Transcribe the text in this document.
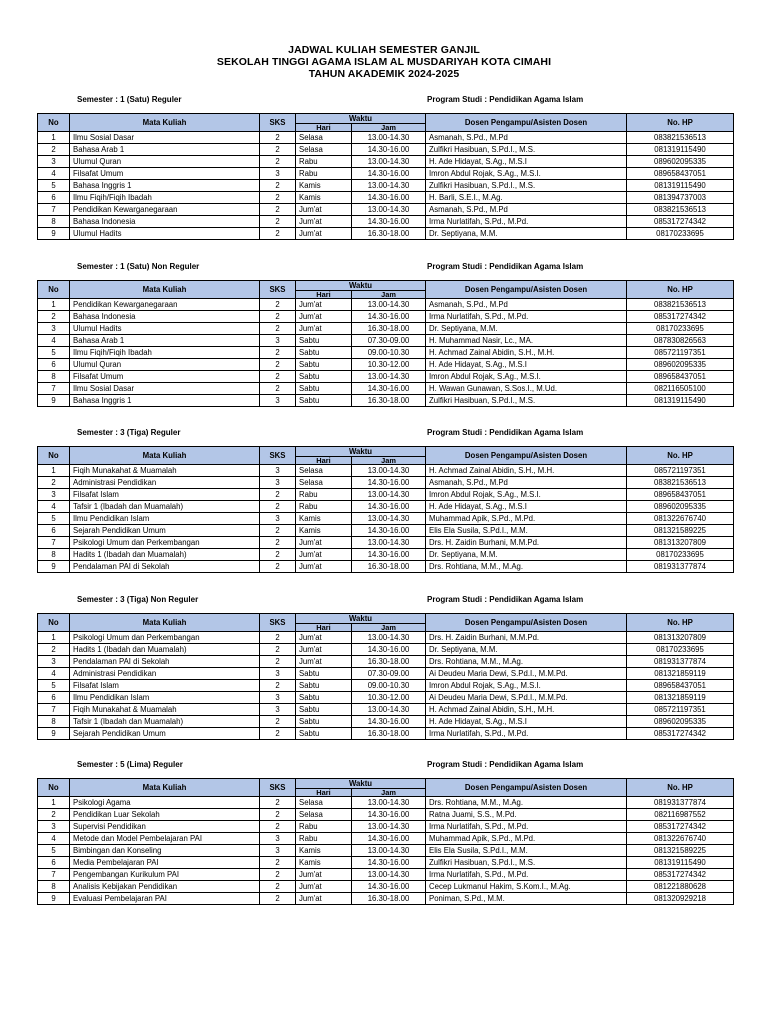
JADWAL KULIAH SEMESTER GANJIL
SEKOLAH TINGGI AGAMA ISLAM AL MUSDARIYAH KOTA CIMAHI
TAHUN AKADEMIK 2024-2025
Semester : 1 (Satu) Reguler	Program Studi : Pendidikan Agama Islam
No	Mata Kuliah	SKS	Waktu		Dosen Pengampu/Asisten Dosen	No. HP
			Hari	Jam		
1	Ilmu Sosial Dasar	2	Selasa	13.00-14.30	Asmanah, S.Pd., M.Pd	083821536513
2	Bahasa Arab 1	2	Selasa	14.30-16.00	Zulfikri Hasibuan, S.Pd.I., M.S.	081319115490
3	Ulumul Quran	2	Rabu	13.00-14.30	H. Ade Hidayat, S.Ag., M.S.I	089602095335
4	Filsafat Umum	3	Rabu	14.30-16.00	Imron Abdul Rojak, S.Ag., M.S.I.	089658437051
5	Bahasa Inggris 1	2	Kamis	13.00-14.30	Zulfikri Hasibuan, S.Pd.I., M.S.	081319115490
6	Ilmu Fiqih/Fiqih Ibadah	2	Kamis	14.30-16.00	H. Barli, S.E.I., M.Ag.	081394737003
7	Pendidikan Kewarganegaraan	2	Jum'at	13.00-14.30	Asmanah, S.Pd., M.Pd	083821536513
8	Bahasa Indonesia	2	Jum'at	14.30-16.00	Irma Nurlatifah, S.Pd., M.Pd.	085317274342
9	Ulumul Hadits	2	Jum'at	16.30-18.00	Dr. Septiyana, M.M.	08170233695
Semester : 1 (Satu) Non Reguler	Program Studi : Pendidikan Agama Islam
No	Mata Kuliah	SKS	Waktu		Dosen Pengampu/Asisten Dosen	No. HP
			Hari	Jam		
1	Pendidikan Kewarganegaraan	2	Jum'at	13.00-14.30	Asmanah, S.Pd., M.Pd	083821536513
2	Bahasa Indonesia	2	Jum'at	14.30-16.00	Irma Nurlatifah, S.Pd., M.Pd.	085317274342
3	Ulumul Hadits	2	Jum'at	16.30-18.00	Dr. Septiyana, M.M.	08170233695
4	Bahasa Arab 1	3	Sabtu	07.30-09.00	H. Muhammad Nasir, Lc., MA.	087830826563
5	Ilmu Fiqih/Fiqih Ibadah	2	Sabtu	09.00-10.30	H. Achmad Zainal Abidin, S.H., M.H.	085721197351
6	Ulumul Quran	2	Sabtu	10.30-12.00	H. Ade Hidayat, S.Ag., M.S.I	089602095335
8	Filsafat Umum	2	Sabtu	13.00-14.30	Imron Abdul Rojak, S.Ag., M.S.I.	089658437051
7	Ilmu Sosial Dasar	2	Sabtu	14.30-16.00	H. Wawan Gunawan, S.Sos.I., M.Ud.	082116505100
9	Bahasa Inggris 1	3	Sabtu	16.30-18.00	Zulfikri Hasibuan, S.Pd.I., M.S.	081319115490
Semester : 3 (Tiga) Reguler	Program Studi : Pendidikan Agama Islam
No	Mata Kuliah	SKS	Waktu		Dosen Pengampu/Asisten Dosen	No. HP
			Hari	Jam		
1	Fiqih Munakahat & Muamalah	3	Selasa	13.00-14.30	H. Achmad Zainal Abidin, S.H., M.H.	085721197351
2	Administrasi Pendidikan	3	Selasa	14.30-16.00	Asmanah, S.Pd., M.Pd	083821536513
3	Filsafat Islam	2	Rabu	13.00-14.30	Imron Abdul Rojak, S.Ag., M.S.I.	089658437051
4	Tafsir 1 (Ibadah dan Muamalah)	2	Rabu	14.30-16.00	H. Ade Hidayat, S.Ag., M.S.I	089602095335
5	Ilmu Pendidikan Islam	3	Kamis	13.00-14.30	Muhammad Apik, S.Pd., M.Pd.	081322676740
6	Sejarah Pendidikan Umum	2	Kamis	14.30-16.00	Elis Ela Susila, S.Pd.I., M.M.	081321589225
7	Psikologi Umum dan Perkembangan	2	Jum'at	13.00-14.30	Drs. H. Zaidin Burhani, M.M.Pd.	081313207809
8	Hadits 1 (Ibadah dan Muamalah)	2	Jum'at	14.30-16.00	Dr. Septiyana, M.M.	08170233695
9	Pendalaman PAI di Sekolah	2	Jum'at	16.30-18.00	Drs. Rohtiana, M.M., M.Ag.	081931377874
Semester : 3 (Tiga) Non Reguler	Program Studi : Pendidikan Agama Islam
No	Mata Kuliah	SKS	Waktu		Dosen Pengampu/Asisten Dosen	No. HP
			Hari	Jam		
1	Psikologi Umum dan Perkembangan	2	Jum'at	13.00-14.30	Drs. H. Zaidin Burhani, M.M.Pd.	081313207809
2	Hadits 1 (Ibadah dan Muamalah)	2	Jum'at	14.30-16.00	Dr. Septiyana, M.M.	08170233695
3	Pendalaman PAI di Sekolah	2	Jum'at	16.30-18.00	Drs. Rohtiana, M.M., M.Ag.	081931377874
4	Administrasi Pendidikan	3	Sabtu	07.30-09.00	Ai Deudeu Maria Dewi, S.Pd.I., M.M.Pd.	081321859119
5	Filsafat Islam	2	Sabtu	09.00-10.30	Imron Abdul Rojak, S.Ag., M.S.I.	089658437051
6	Ilmu Pendidikan Islam	3	Sabtu	10.30-12.00	Ai Deudeu Maria Dewi, S.Pd.I., M.M.Pd.	081321859119
7	Fiqih Munakahat & Muamalah	3	Sabtu	13.00-14.30	H. Achmad Zainal Abidin, S.H., M.H.	085721197351
8	Tafsir 1 (Ibadah dan Muamalah)	2	Sabtu	14.30-16.00	H. Ade Hidayat, S.Ag., M.S.I	089602095335
9	Sejarah Pendidikan Umum	2	Sabtu	16.30-18.00	Irma Nurlatifah, S.Pd., M.Pd.	085317274342
Semester : 5 (Lima) Reguler	Program Studi : Pendidikan Agama Islam
No	Mata Kuliah	SKS	Waktu		Dosen Pengampu/Asisten Dosen	No. HP
			Hari	Jam		
1	Psikologi Agama	2	Selasa	13.00-14.30	Drs. Rohtiana, M.M., M.Ag.	081931377874
2	Pendidikan Luar Sekolah	2	Selasa	14.30-16.00	Ratna Juami, S.S., M.Pd.	082116987552
3	Supervisi Pendidikan	2	Rabu	13.00-14.30	Irma Nurlatifah, S.Pd., M.Pd.	085317274342
4	Metode dan Model Pembelajaran PAI	3	Rabu	14.30-16.00	Muhammad Apik, S.Pd., M.Pd.	081322676740
5	Bimbingan dan Konseling	3	Kamis	13.00-14.30	Elis Ela Susila, S.Pd.I., M.M.	081321589225
6	Media Pembelajaran PAI	2	Kamis	14.30-16.00	Zulfikri Hasibuan, S.Pd.I., M.S.	081319115490
7	Pengembangan Kurikulum PAI	2	Jum'at	13.00-14.30	Irma Nurlatifah, S.Pd., M.Pd.	085317274342
8	Analisis Kebijakan Pendidikan	2	Jum'at	14.30-16.00	Cecep Lukmanul Hakim, S.Kom.I., M.Ag.	081221880628
9	Evaluasi Pembelajaran PAI	2	Jum'at	16.30-18.00	Poniman, S.Pd., M.M.	081320929218
